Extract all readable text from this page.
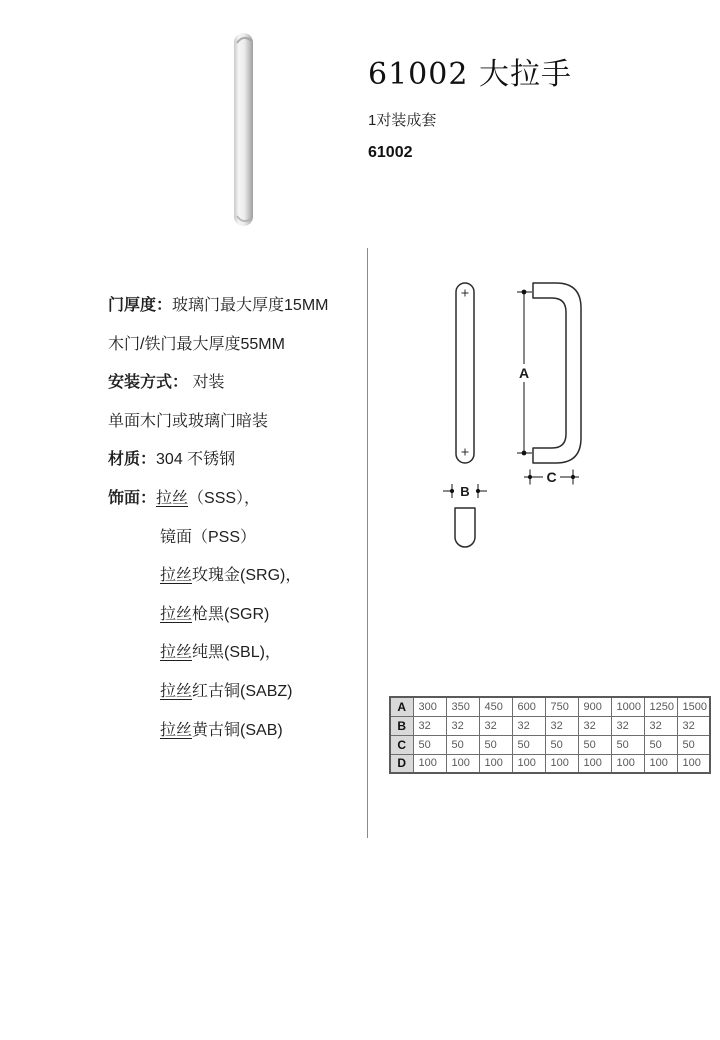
61002 大拉手
1对装成套
61002
门厚度：玻璃门最大厚度15MM
木门/铁门最大厚度55MM
安装方式： 对装
单面木门或玻璃门暗装
材质：304 不锈钢
饰面：拉丝（SSS），
镜面（PSS）
拉丝玫瑰金(SRG)，
拉丝枪黑(SGR)
拉丝纯黑(SBL)，
拉丝红古铜(SABZ)
拉丝黄古铜(SAB)
A
C
B
A	300	350	450	600	750	900	1000	1250	1500
B	32	32	32	32	32	32	32	32	32
C	50	50	50	50	50	50	50	50	50
D	100	100	100	100	100	100	100	100	100
